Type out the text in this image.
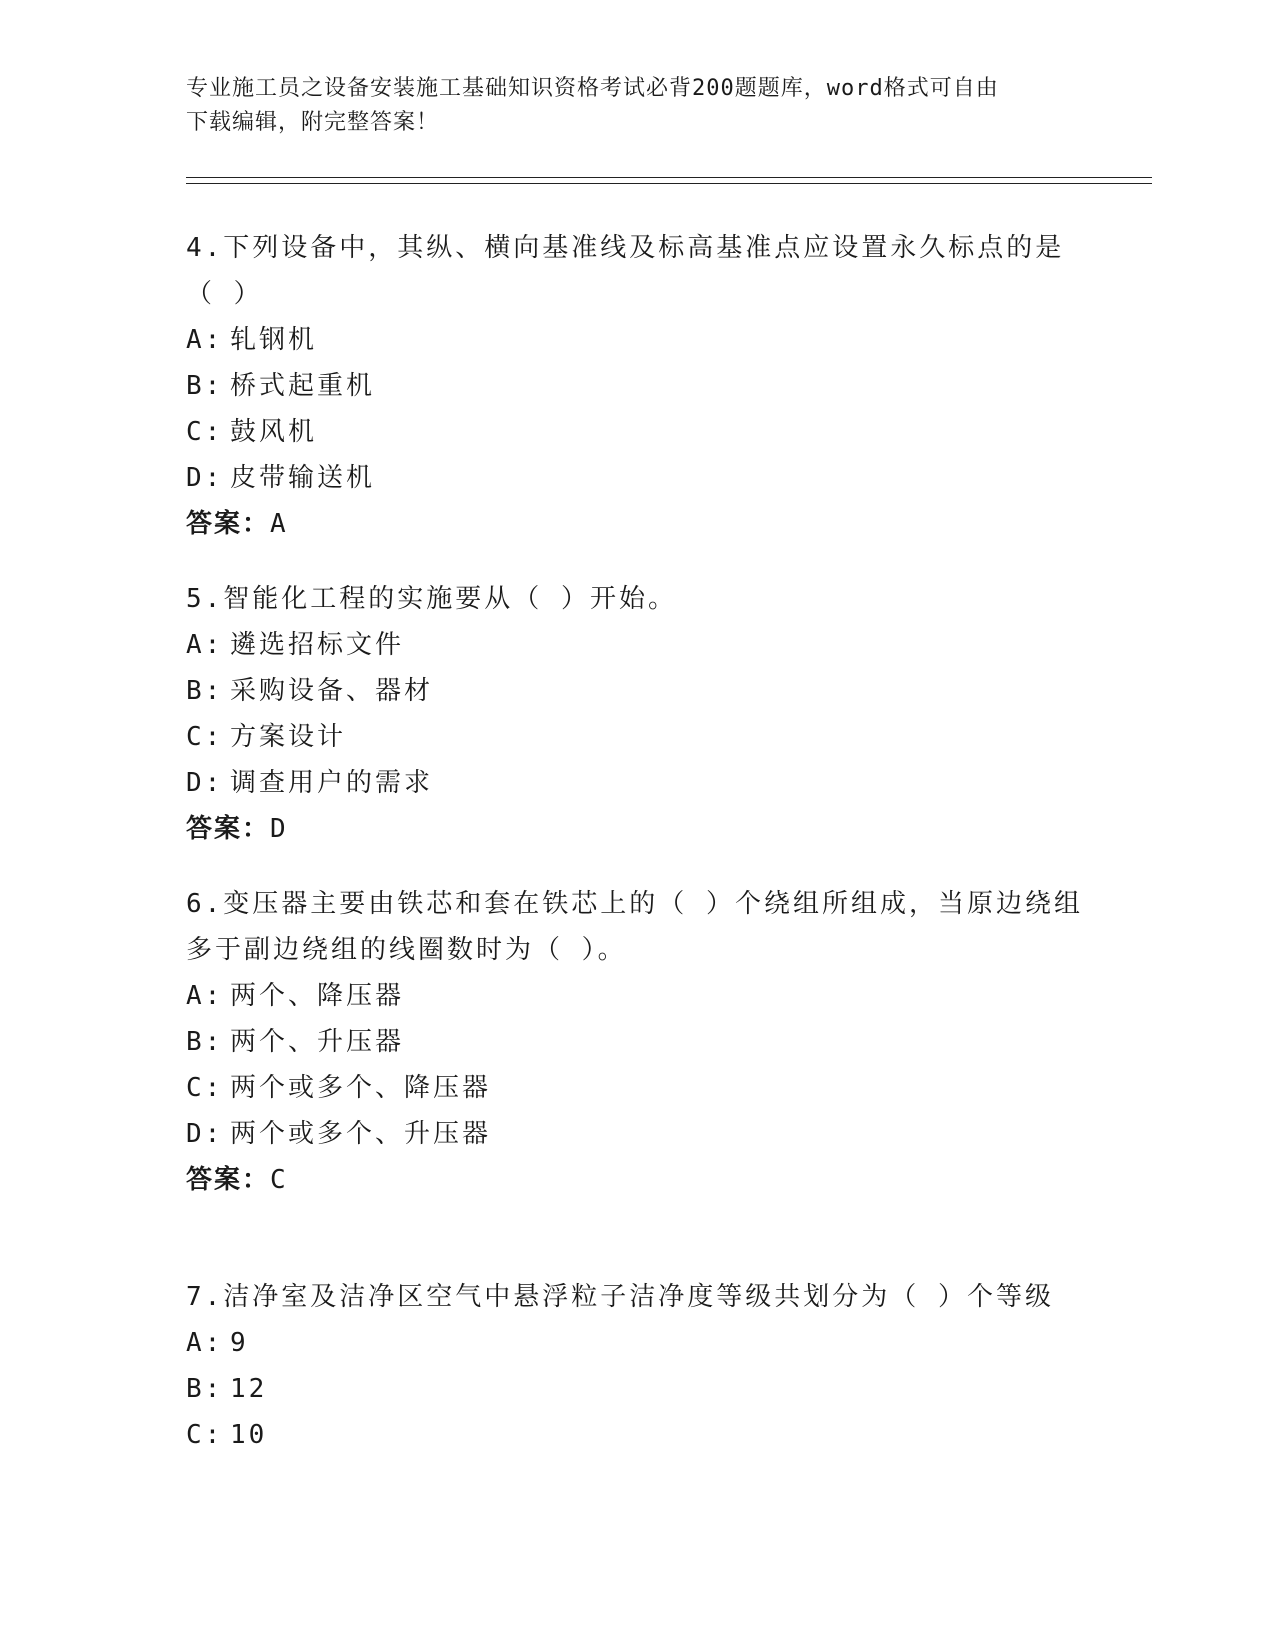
专业施工员之设备安装施工基础知识资格考试必背200题题库，word格式可自由
下载编辑，附完整答案！

4.下列设备中，其纵、横向基准线及标高基准点应设置永久标点的是

（ ）

A: 轧钢机

B: 桥式起重机

C: 鼓风机

D: 皮带输送机

答案：A

5.智能化工程的实施要从（ ）开始。

A: 遴选招标文件

B: 采购设备、器材

C: 方案设计

D: 调查用户的需求

答案：D

6.变压器主要由铁芯和套在铁芯上的（ ）个绕组所组成，当原边绕组

多于副边绕组的线圈数时为（ ）。

A: 两个、降压器

B: 两个、升压器

C: 两个或多个、降压器

D: 两个或多个、升压器

答案：C

7.洁净室及洁净区空气中悬浮粒子洁净度等级共划分为（ ）个等级

A: 9

B: 12

C: 10
